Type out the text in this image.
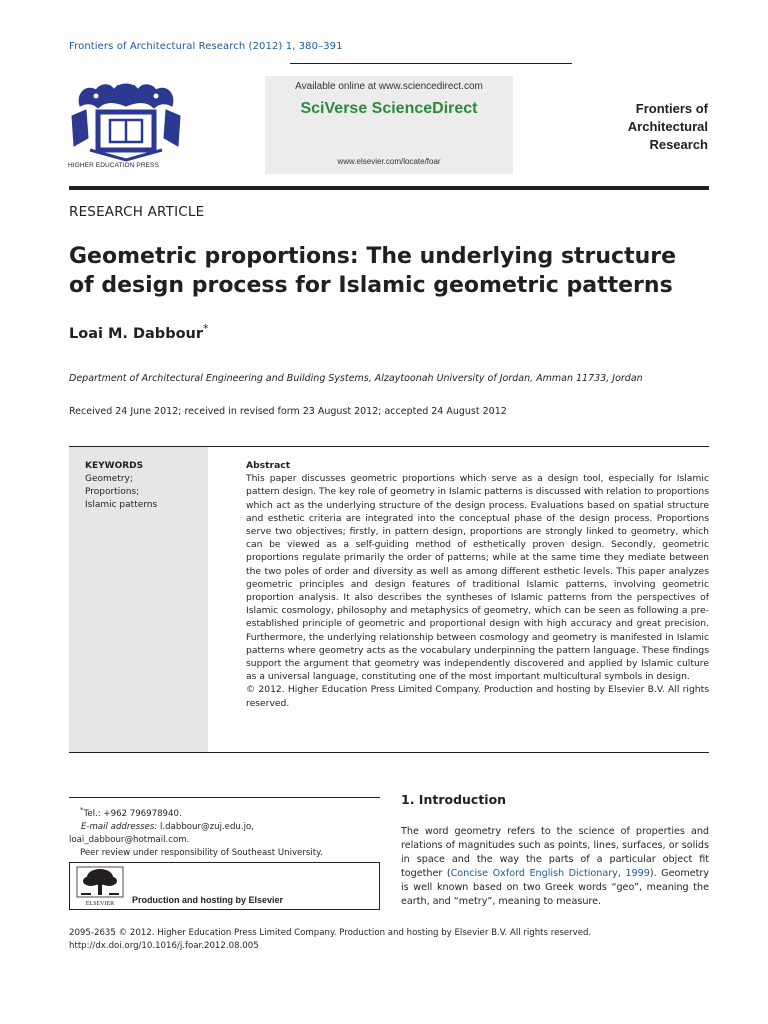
Frontiers of Architectural Research (2012) 1, 380–391
HIGHER EDUCATION PRESS
Available online at www.sciencedirect.com
SciVerse ScienceDirect
www.elsevier.com/locate/foar
Frontiers of
Architectural
Research
RESEARCH ARTICLE
Geometric proportions: The underlying structure
of design process for Islamic geometric patterns
Loai M. Dabbour*
Department of Architectural Engineering and Building Systems, Alzaytoonah University of Jordan, Amman 11733, Jordan
Received 24 June 2012; received in revised form 23 August 2012; accepted 24 August 2012
KEYWORDS
Geometry;
Proportions;
Islamic patterns
Abstract
This paper discusses geometric proportions which serve as a design tool, especially for Islamic pattern design. The key role of geometry in Islamic patterns is discussed with relation to proportions which act as the underlying structure of the design process. Evaluations based on spatial structure and esthetic criteria are integrated into the conceptual phase of the design process. Proportions serve two objectives; firstly, in pattern design, proportions are strongly linked to geometry, which can be viewed as a self-guiding method of esthetically proven design. Secondly, geometric proportions regulate primarily the order of patterns; while at the same time they mediate between the two poles of order and diversity as well as among different esthetic levels. This paper analyzes geometric principles and design features of traditional Islamic patterns, involving geometric proportion analysis. It also describes the syntheses of Islamic patterns from the perspectives of Islamic cosmology, philosophy and metaphysics of geometry, which can be seen as following a pre-established principle of geometric and proportional design with high accuracy and great precision. Furthermore, the underlying relationship between cosmology and geometry is manifested in Islamic patterns where geometry acts as the vocabulary underpinning the pattern language. These findings support the argument that geometry was independently discovered and applied by Islamic culture as a universal language, constituting one of the most important multicultural symbols in design.
© 2012. Higher Education Press Limited Company. Production and hosting by Elsevier B.V. All rights reserved.
*Tel.: +962 796978940.
E-mail addresses: l.dabbour@zuj.edu.jo,
loai_dabbour@hotmail.com.
Peer review under responsibility of Southeast University.
ELSEVIER Production and hosting by Elsevier
1. Introduction
The word geometry refers to the science of properties and relations of magnitudes such as points, lines, surfaces, or solids in space and the way the parts of a particular object fit together (Concise Oxford English Dictionary, 1999). Geometry is well known based on two Greek words “geo”, meaning the earth, and “metry”, meaning to measure.
2095-2635 © 2012. Higher Education Press Limited Company. Production and hosting by Elsevier B.V. All rights reserved.
http://dx.doi.org/10.1016/j.foar.2012.08.005
